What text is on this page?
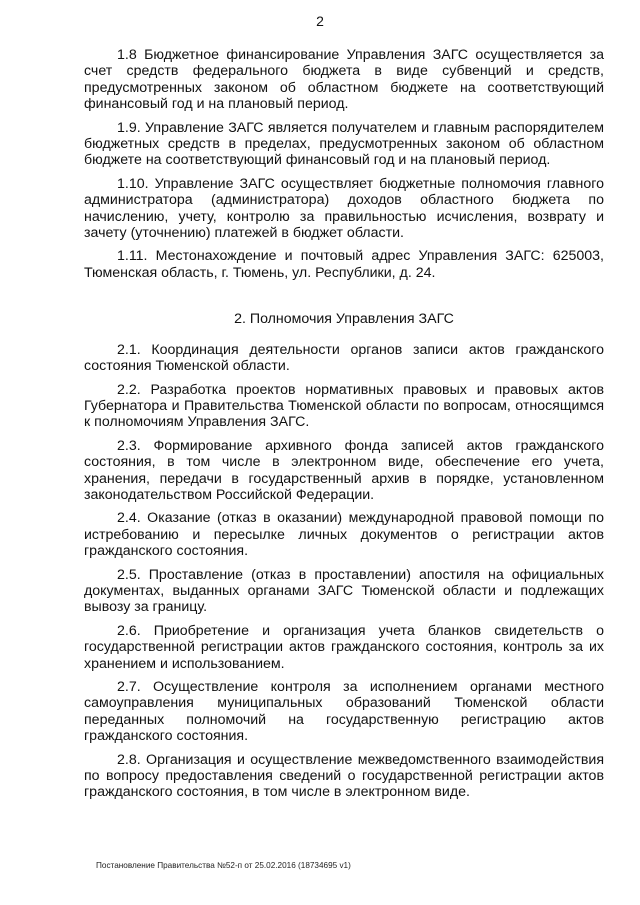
2

1.8 Бюджетное финансирование Управления ЗАГС осуществляется за счет средств федерального бюджета в виде субвенций и средств, предусмотренных законом об областном бюджете на соответствующий финансовый год и на плановый период.

1.9. Управление ЗАГС является получателем и главным распорядителем бюджетных средств в пределах, предусмотренных законом об областном бюджете на соответствующий финансовый год и на плановый период.

1.10. Управление ЗАГС осуществляет бюджетные полномочия главного администратора (администратора) доходов областного бюджета по начислению, учету, контролю за правильностью исчисления, возврату и зачету (уточнению) платежей в бюджет области.

1.11. Местонахождение и почтовый адрес Управления ЗАГС: 625003, Тюменская область, г. Тюмень, ул. Республики, д. 24.

2. Полномочия Управления ЗАГС

2.1. Координация деятельности органов записи актов гражданского состояния Тюменской области.

2.2. Разработка проектов нормативных правовых и правовых актов Губернатора и Правительства Тюменской области по вопросам, относящимся к полномочиям Управления ЗАГС.

2.3. Формирование архивного фонда записей актов гражданского состояния, в том числе в электронном виде, обеспечение его учета, хранения, передачи в государственный архив в порядке, установленном законодательством Российской Федерации.

2.4. Оказание (отказ в оказании) международной правовой помощи по истребованию и пересылке личных документов о регистрации актов гражданского состояния.

2.5. Проставление (отказ в проставлении) апостиля на официальных документах, выданных органами ЗАГС Тюменской области и подлежащих вывозу за границу.

2.6. Приобретение и организация учета бланков свидетельств о государственной регистрации актов гражданского состояния, контроль за их хранением и использованием.

2.7. Осуществление контроля за исполнением органами местного самоуправления муниципальных образований Тюменской области переданных полномочий на государственную регистрацию актов гражданского состояния.

2.8. Организация и осуществление межведомственного взаимодействия по вопросу предоставления сведений о государственной регистрации актов гражданского состояния, в том числе в электронном виде.

Постановление Правительства №52-п от 25.02.2016 (18734695 v1)
